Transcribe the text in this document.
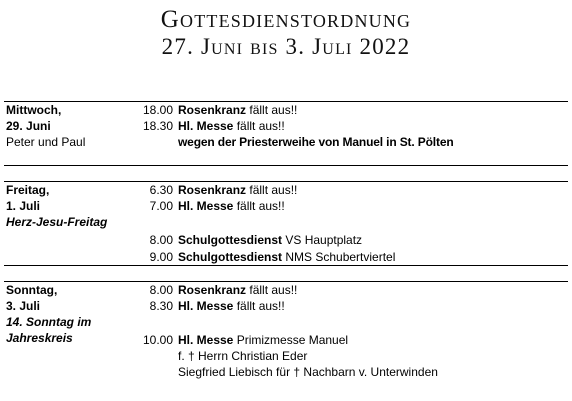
Gottesdienstordnung
27. Juni bis 3. Juli 2022
Mittwoch,
29. Juni
Peter und Paul
18.00 Rosenkranz fällt aus!!
18.30 Hl. Messe fällt aus!!
wegen der Priesterweihe von Manuel in St. Pölten
Freitag,
1. Juli
Herz-Jesu-Freitag
6.30 Rosenkranz fällt aus!!
7.00 Hl. Messe fällt aus!!
8.00 Schulgottesdienst VS Hauptplatz
9.00 Schulgottesdienst NMS Schubertviertel
Sonntag,
3. Juli
14. Sonntag im
Jahreskreis
8.00 Rosenkranz fällt aus!!
8.30 Hl. Messe fällt aus!!
10.00 Hl. Messe Primizmesse Manuel
f. † Herrn Christian Eder
Siegfried Liebisch für † Nachbarn v. Unterwinden
